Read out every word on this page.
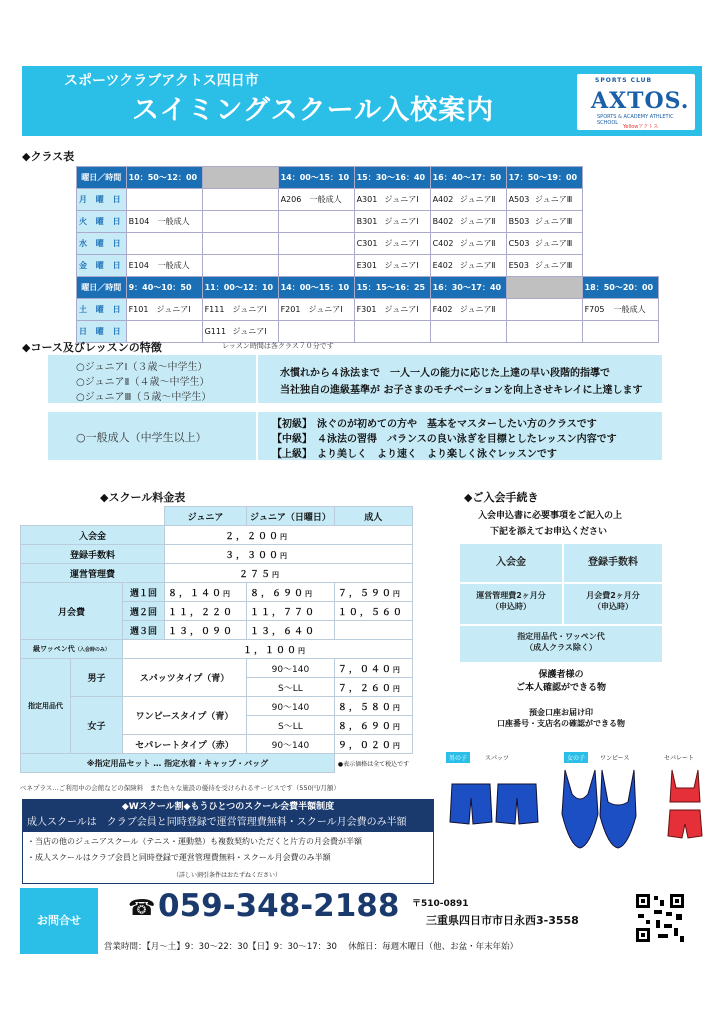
スポーツクラブアクトス四日市
スイミングスクール入校案内
SPORTS CLUB
AXTOS.
SPORTS & ACADEMY ATHLETIC SCHOOL
Yellowアクトス
◆クラス表
曜日／時間	10：50～12：00		14：00～15：10	15：30～16：40	16：40～17：50	17：50～19：00	
月 曜 日			A206 一般成人	A301 ジュニアⅠ	A402 ジュニアⅡ	A503 ジュニアⅢ	
火 曜 日	B104 一般成人			B301 ジュニアⅠ	B402 ジュニアⅡ	B503 ジュニアⅢ	
水 曜 日				C301 ジュニアⅠ	C402 ジュニアⅡ	C503 ジュニアⅢ	
金 曜 日	E104 一般成人			E301 ジュニアⅠ	E402 ジュニアⅡ	E503 ジュニアⅢ	
曜日／時間	9：40～10：50	11：00～12：10	14：00～15：10	15：15～16：25	16：30～17：40		18：50～20：00
土 曜 日	F101 ジュニアⅠ	F111 ジュニアⅠ	F201 ジュニアⅠ	F301 ジュニアⅠ	F402 ジュニアⅡ		F705 一般成人
日 曜 日		G111 ジュニアⅠ					
◆コース及びレッスンの特徴	レッスン時間は各クラス７０分です
○ジュニアⅠ（３歳～中学生）
○ジュニアⅡ（４歳～中学生）
○ジュニアⅢ（５歳～中学生）
水慣れから４泳法まで　一人一人の能力に応じた上達の早い段階的指導で
当社独自の進級基準が お子さまのモチベーションを向上させキレイに上達します
○一般成人（中学生以上）
【初級】　泳ぐのが初めての方や　基本をマスターしたい方のクラスです
【中級】　４泳法の習得　バランスの良い泳ぎを目標としたレッスン内容です
【上級】　より美しく　より速く　より楽しく泳ぐレッスンです
◆スクール料金表
			ジュニア	ジュニア（日曜日）	成人
入会金			２，２００円		
登録手数料			３，３００円		
運営管理費			２７５円		
月会費		週１回	８，１４０円	８，６９０円	７，５９０円
		週２回	１１，２２０	１１，７７０	１０，５６０
		週３回	１３，０９０	１３，６４０	
級ワッペン代（入会時のみ）		１，１００円			
指定用品代	男子	スパッツタイプ（青）		90～140	７，０４０円
				S～LL	７，２６０円
	女子	ワンピースタイプ（青）		90～140	８，５８０円
				S～LL	８，６９０円
		セパレートタイプ（赤）		90～140	９，０２０円
※指定用品セット … 指定水着・キャップ・バッグ					●表示価格は全て税込です
ベネプラス…ご利用中の会館などの保険料　また色々な施設の優待を受けられるサービスです（550円/月額）
◆Wスクール割◆もうひとつのスクール会費半額制度
成人スクールは　クラブ会員と同時登録で運営管理費無料・スクール月会費のみ半額
・当店の他のジュニアスクール（テニス・運動塾）も複数契約いただくと片方の月会費が半額
・成人スクールはクラブ会員と同時登録で運営管理費無料・スクール月会費のみ半額
（詳しい割引条件はおたずねください）
◆ご入会手続き
入会申込書に必要事項をご記入の上
下記を添えてお申込ください
入会金	登録手数料
運営管理費2ヶ月分
（申込時）
月会費2ヶ月分
（申込時）
指定用品代・ワッペン代
（成人クラス除く）
保護者様の
ご本人確認ができる物
預金口座お届け印
口座番号・支店名の確認ができる物
男の子	スパッツ	女の子	ワンピース	セパレート
お問合せ	☎ 059-348-2188 〒510-0891
三重県四日市市日永西3-3558
営業時間：【月～土】9：30～22：30【日】9：30～17：30　 休館日：毎週木曜日（他、お盆・年末年始）
